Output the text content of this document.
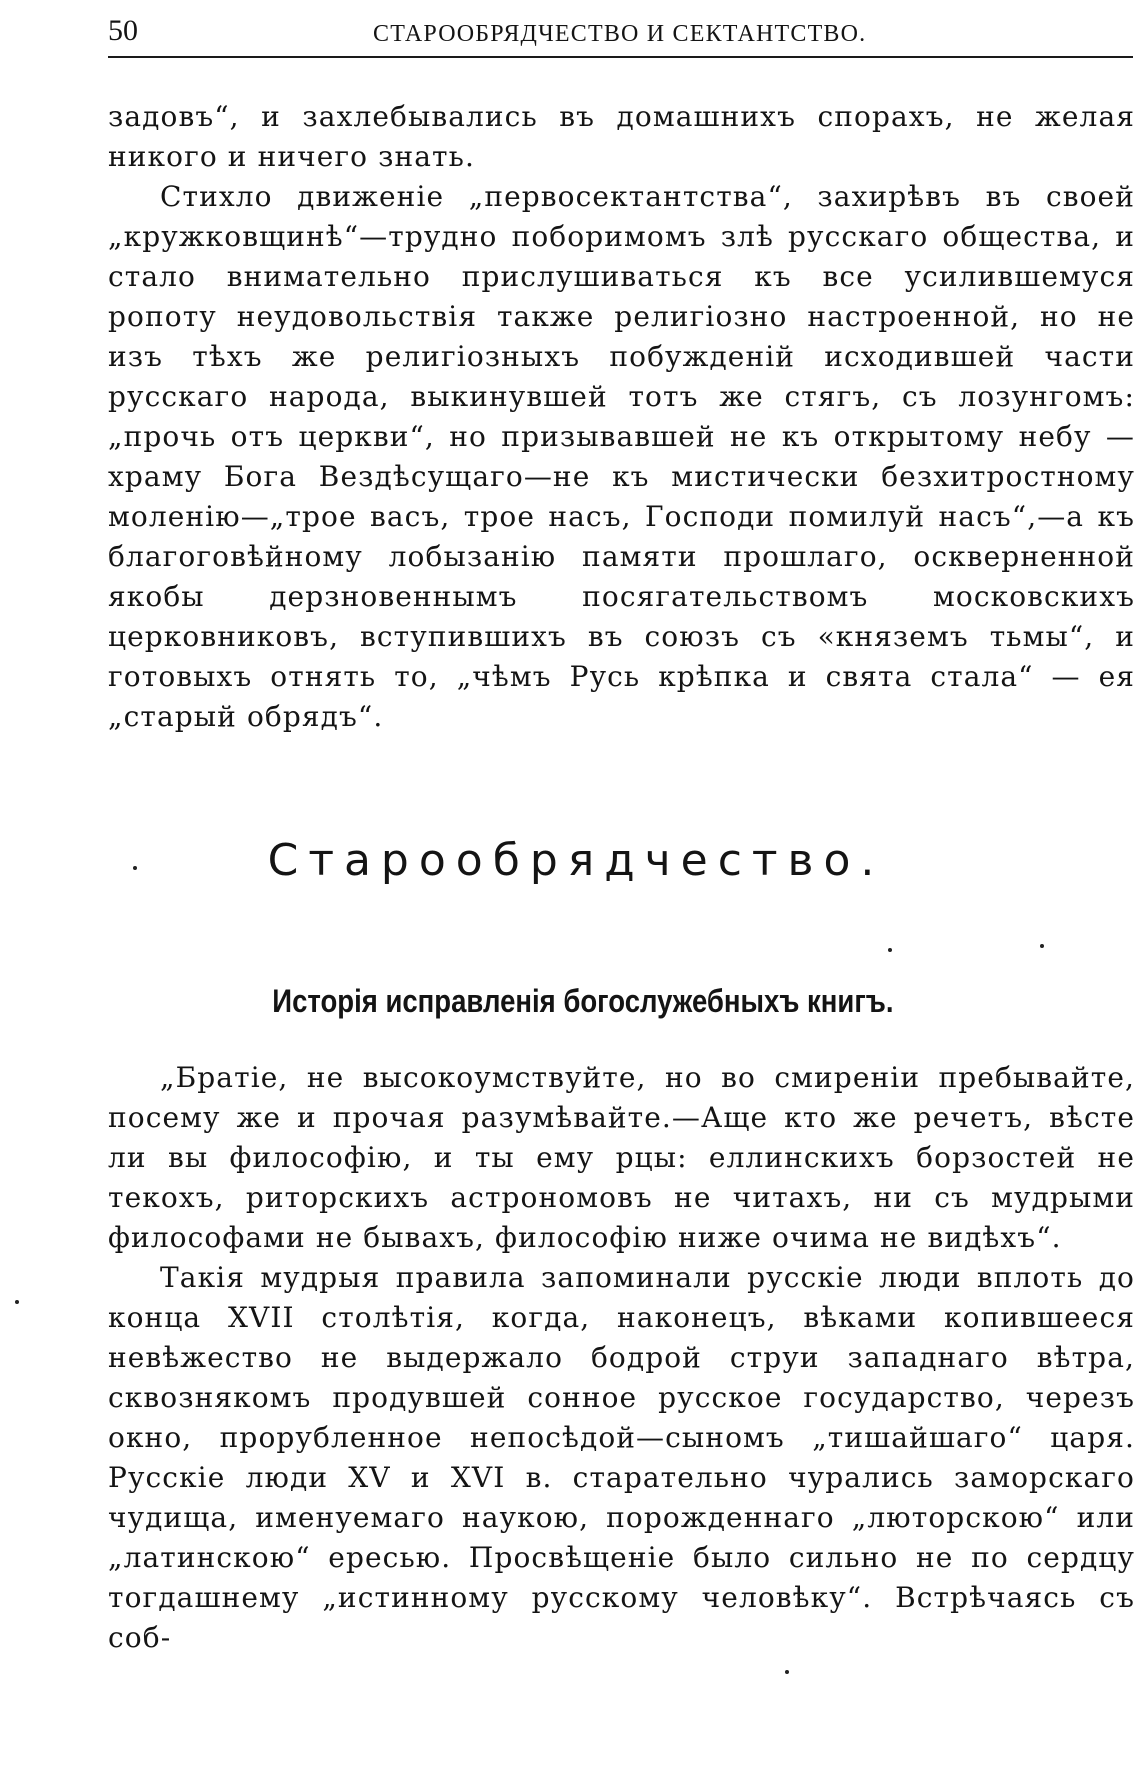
50	СТАРООБРЯДЧЕСТВО И СЕКТАНТСТВО.

задовъ“, и захлебывались въ домашнихъ спорахъ, не желая никого и ничего знать.

Стихло движеніе „первосектантства“, захирѣвъ въ своей „кружковщинѣ“—трудно поборимомъ злѣ русскаго общества, и стало внимательно прислушиваться къ все усилившемуся ропоту неудовольствія также религіозно настроенной, но не изъ тѣхъ же религіозныхъ побужденій исходившей части русскаго народа, выкинувшей тотъ же стягъ, съ лозунгомъ: „прочь отъ церкви“, но призывавшей не къ открытому небу — храму Бога Вездѣсущаго—не къ мистически безхитростному моленію—„трое васъ, трое насъ, Господи помилуй насъ“,—а къ благоговѣйному лобызанію памяти прошлаго, оскверненной якобы дерзновеннымъ посягательствомъ московскихъ церковниковъ, вступившихъ въ союзъ съ «княземъ тьмы“, и готовыхъ отнять то, „чѣмъ Русь крѣпка и свята стала“ — ея „старый обрядъ“.

Старообрядчество.
Исторія исправленія богослужебныхъ книгъ.

„Братіе, не высокоумствуйте, но во смиреніи пребывайте, посему же и прочая разумѣвайте.—Аще кто же речетъ, вѣсте ли вы философію, и ты ему рцы: еллинскихъ борзостей не текохъ, риторскихъ астрономовъ не читахъ, ни съ мудрыми философами не бывахъ, философію ниже очима не видѣхъ“.

Такія мудрыя правила запоминали русскіе люди вплоть до конца XVII столѣтія, когда, наконецъ, вѣками копившееся невѣжество не выдержало бодрой струи западнаго вѣтра, сквознякомъ продувшей сонное русское государство, черезъ окно, прорубленное непосѣдой—сыномъ „тишайшаго“ царя. Русскіе люди XV и XVI в. старательно чурались заморскаго чудища, именуемаго наукою, порожденнаго „люторскою“ или „латинскою“ ересью. Просвѣщеніе было сильно не по сердцу тогдашнему „истинному русскому человѣку“. Встрѣчаясь съ соб-
